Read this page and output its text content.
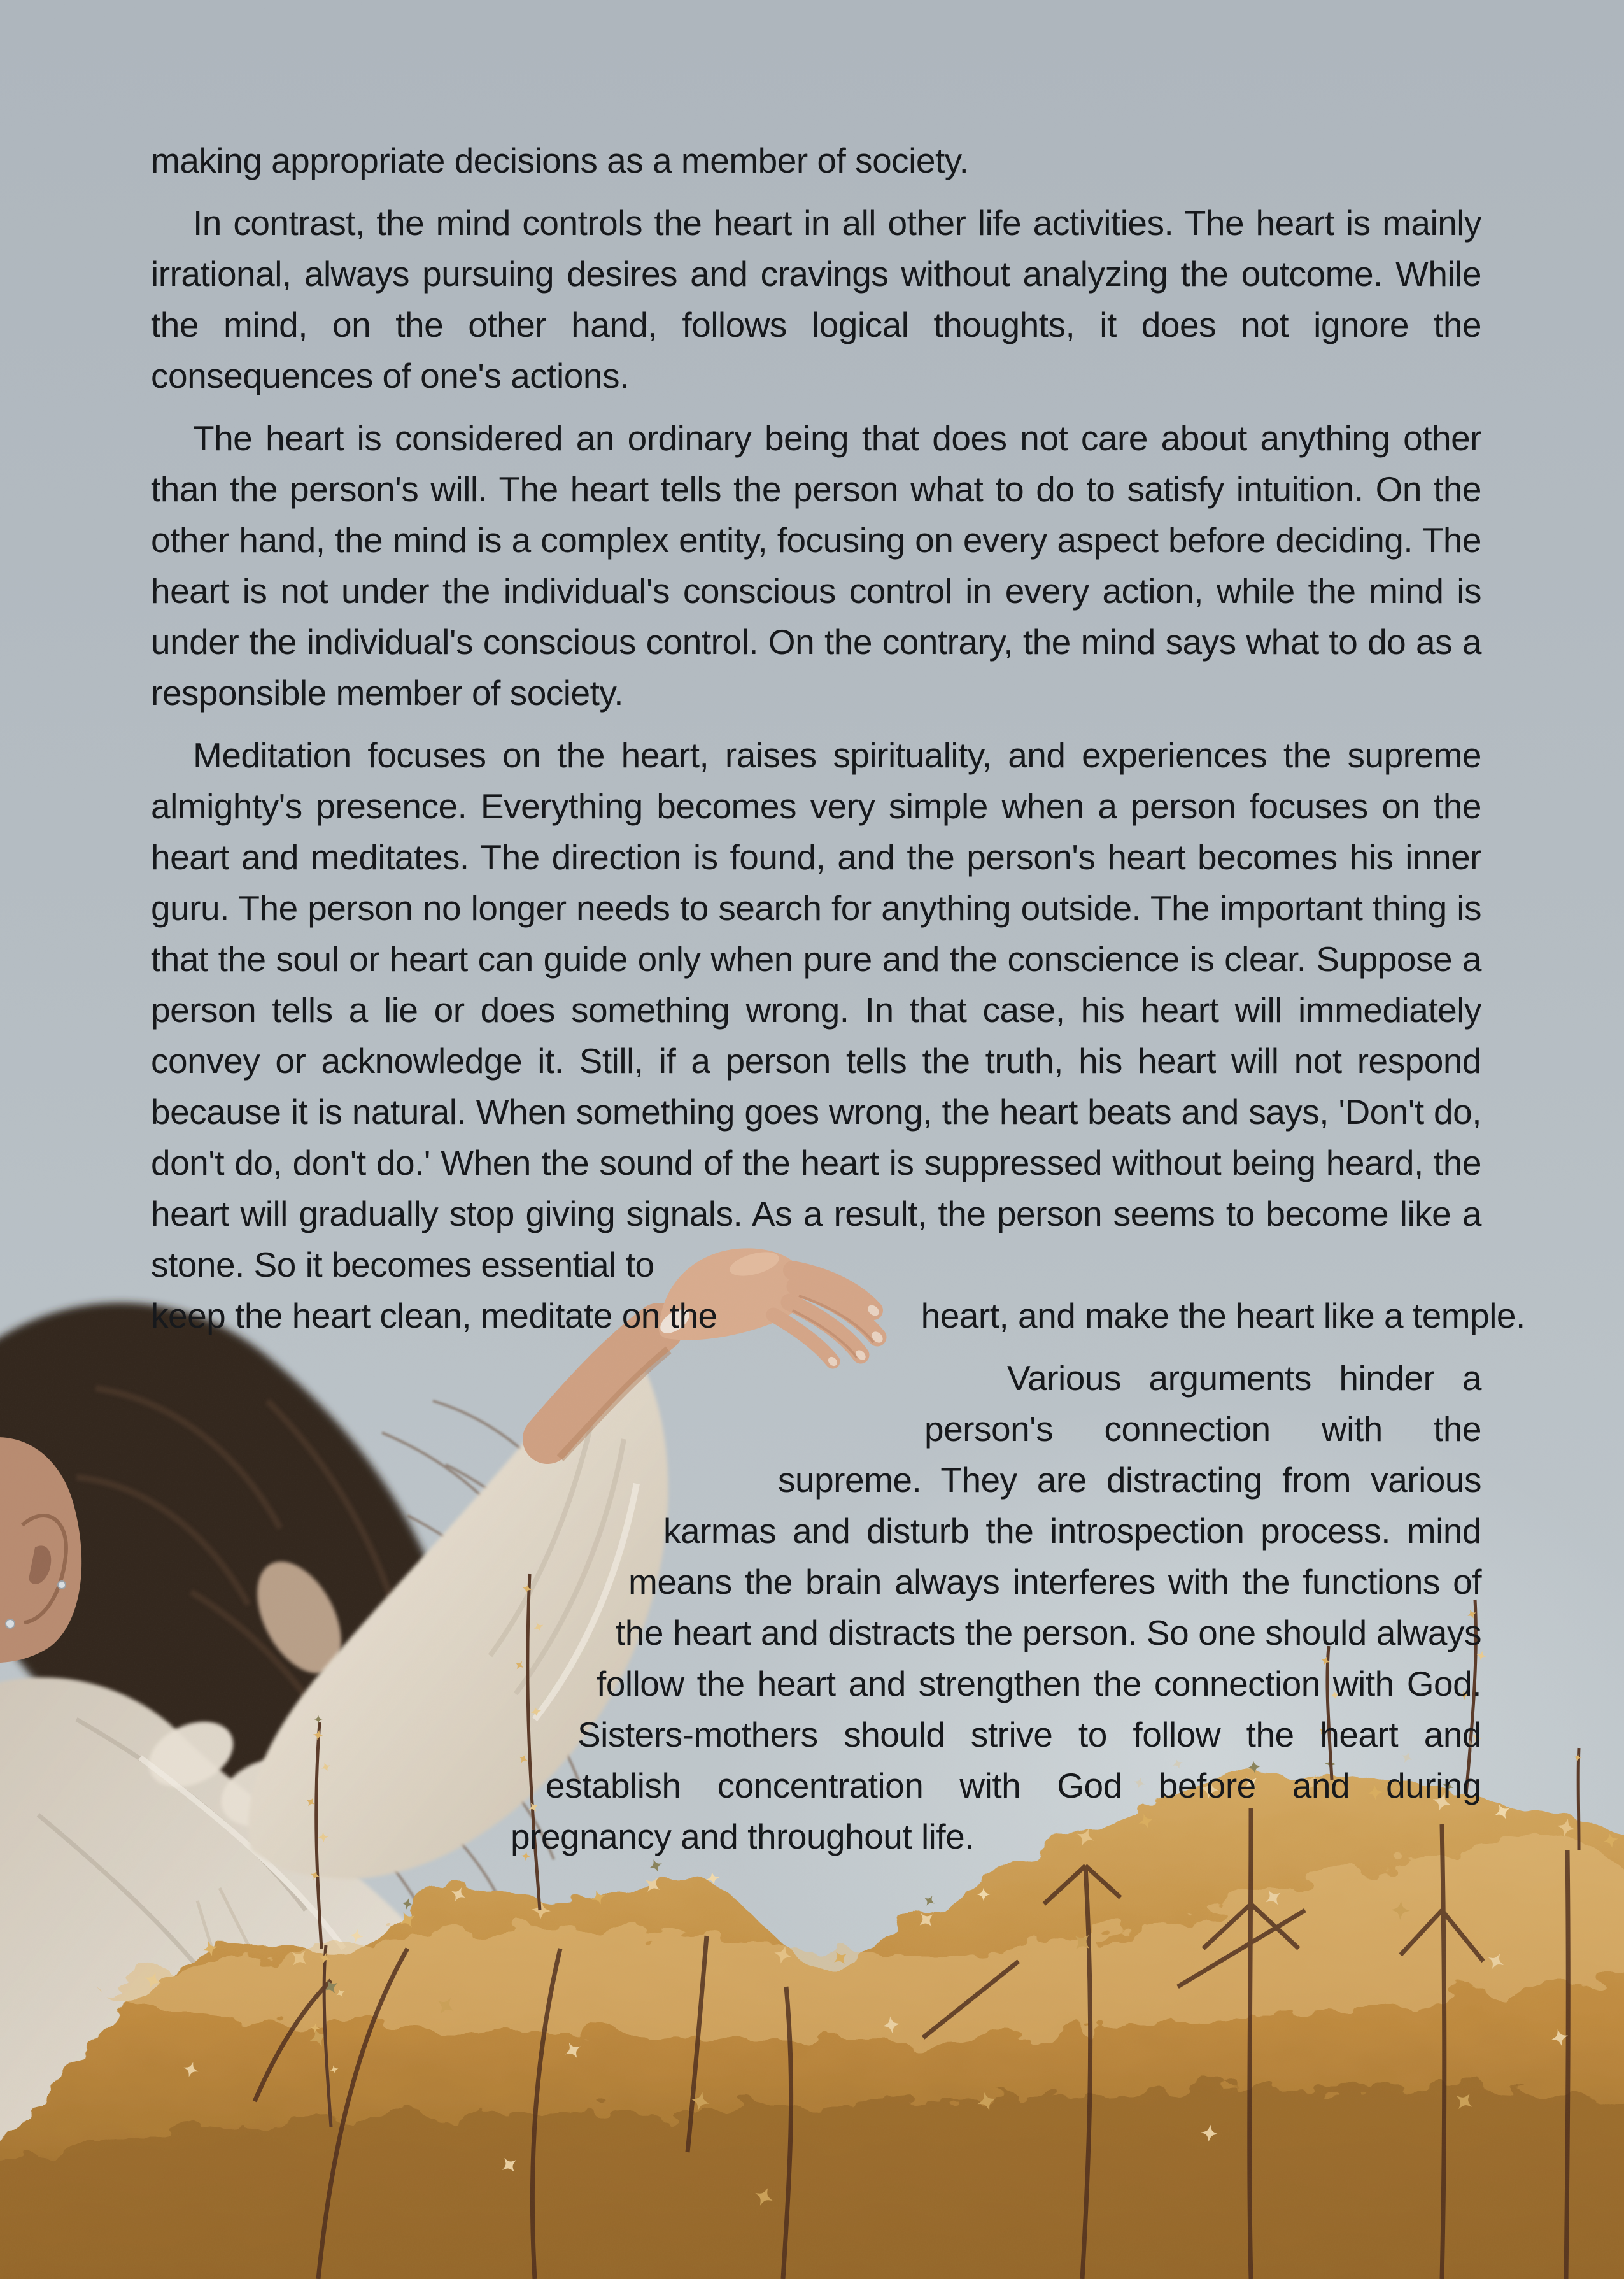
making appropriate decisions as a member of society.

In contrast, the mind controls the heart in all other life activities. The heart is mainly irrational, always pursuing desires and cravings without analyzing the outcome. While the mind, on the other hand, follows logical thoughts, it does not ignore the consequences of one's actions.

The heart is considered an ordinary being that does not care about anything other than the person's will. The heart tells the person what to do to satisfy intuition. On the other hand, the mind is a complex entity, focusing on every aspect before deciding. The heart is not under the individual's conscious control in every action, while the mind is under the individual's conscious control. On the contrary, the mind says what to do as a responsible member of society.

Meditation focuses on the heart, raises spirituality, and experiences the supreme almighty's presence. Everything becomes very simple when a person focuses on the heart and meditates. The direction is found, and the person's heart becomes his inner guru. The person no longer needs to search for anything outside. The important thing is that the soul or heart can guide only when pure and the conscience is clear. Suppose a person tells a lie or does something wrong. In that case, his heart will immediately convey or acknowledge it. Still, if a person tells the truth, his heart will not respond because it is natural. When something goes wrong, the heart beats and says, 'Don't do, don't do, don't do.' When the sound of the heart is suppressed without being heard, the heart will gradually stop giving signals. As a result, the person seems to become like a stone. So it becomes essential to

keep the heart clean, meditate on the	heart, and make the heart like a temple.

Various arguments hinder a person's connection with the supreme. They are distracting from various karmas and disturb the introspection process. mind means the brain always interferes with the functions of the heart and distracts the person. So one should always follow the heart and strengthen the connection with God. Sisters-mothers should strive to follow the heart and establish concentration with God before and during pregnancy and throughout life.
